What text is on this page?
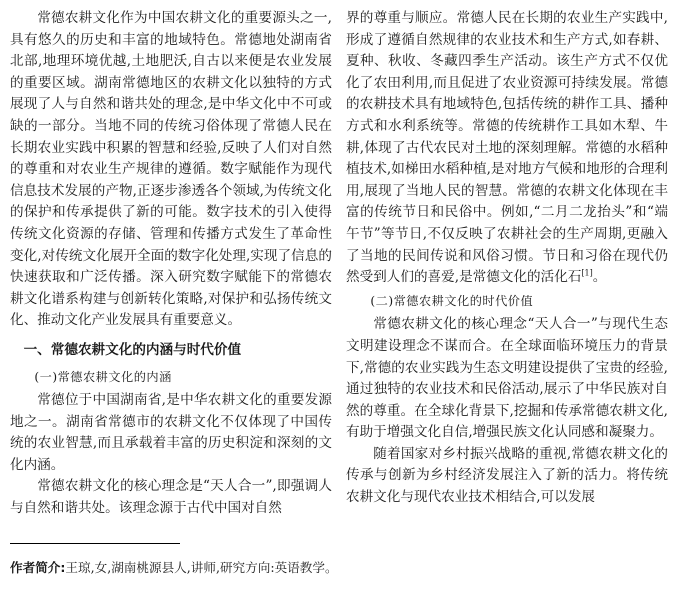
常德农耕文化作为中国农耕文化的重要源头之一,具有悠久的历史和丰富的地域特色。常德地处湖南省北部,地理环境优越,土地肥沃,自古以来便是农业发展的重要区域。湖南常德地区的农耕文化以独特的方式展现了人与自然和谐共处的理念,是中华文化中不可或缺的一部分。当地不同的传统习俗体现了常德人民在长期农业实践中积累的智慧和经验,反映了人们对自然的尊重和对农业生产规律的遵循。数字赋能作为现代信息技术发展的产物,正逐步渗透各个领域,为传统文化的保护和传承提供了新的可能。数字技术的引入使得传统文化资源的存储、管理和传播方式发生了革命性变化,对传统文化展开全面的数字化处理,实现了信息的快速获取和广泛传播。深入研究数字赋能下的常德农耕文化谱系构建与创新转化策略,对保护和弘扬传统文化、推动文化产业发展具有重要意义。

一、常德农耕文化的内涵与时代价值
(一)常德农耕文化的内涵

常德位于中国湖南省,是中华农耕文化的重要发源地之一。湖南省常德市的农耕文化不仅体现了中国传统的农业智慧,而且承载着丰富的历史积淀和深刻的文化内涵。

常德农耕文化的核心理念是“天人合一”,即强调人与自然和谐共处。该理念源于古代中国对自然

界的尊重与顺应。常德人民在长期的农业生产实践中,形成了遵循自然规律的农业技术和生产方式,如春耕、夏种、秋收、冬藏四季生产活动。该生产方式不仅优化了农田利用,而且促进了农业资源可持续发展。常德的农耕技术具有地域特色,包括传统的耕作工具、播种方式和水利系统等。常德的传统耕作工具如木犁、牛耕,体现了古代农民对土地的深刻理解。常德的水稻种植技术,如梯田水稻种植,是对地方气候和地形的合理利用,展现了当地人民的智慧。常德的农耕文化体现在丰富的传统节日和民俗中。例如,“二月二龙抬头”和“端午节”等节日,不仅反映了农耕社会的生产周期,更融入了当地的民间传说和风俗习惯。节日和习俗在现代仍然受到人们的喜爱,是常德文化的活化石[1]。

(二)常德农耕文化的时代价值

常德农耕文化的核心理念“天人合一”与现代生态文明建设理念不谋而合。在全球面临环境压力的背景下,常德的农业实践为生态文明建设提供了宝贵的经验,通过独特的农业技术和民俗活动,展示了中华民族对自然的尊重。在全球化背景下,挖掘和传承常德农耕文化,有助于增强文化自信,增强民族文化认同感和凝聚力。

随着国家对乡村振兴战略的重视,常德农耕文化的传承与创新为乡村经济发展注入了新的活力。将传统农耕文化与现代农业技术相结合,可以发展

作者简介:王琼,女,湖南桃源县人,讲师,研究方向:英语教学。
